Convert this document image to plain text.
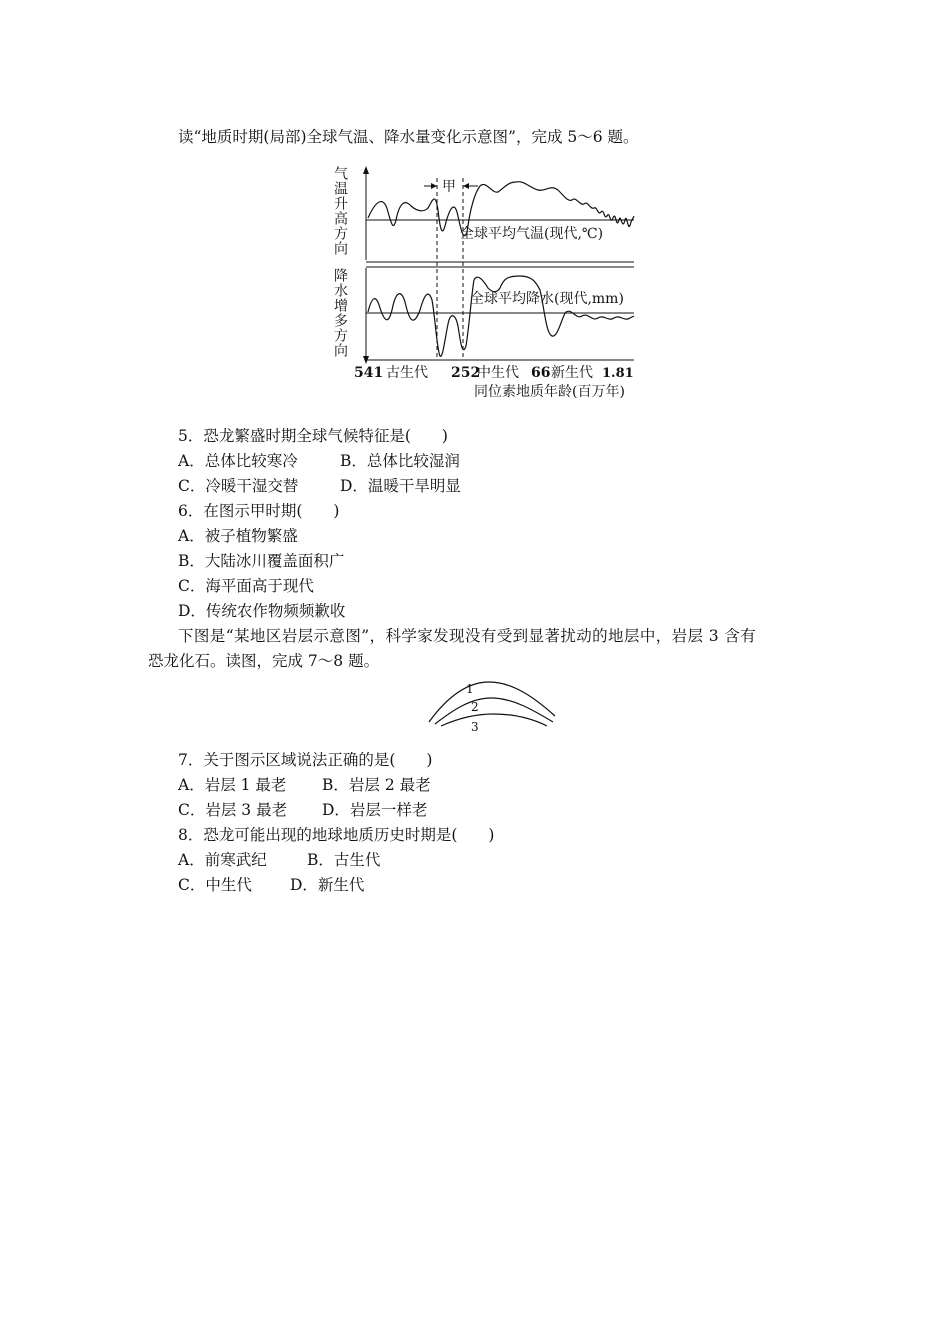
读“地质时期(局部)全球气温、降水量变化示意图”，完成 5～6 题。
气温升高方向
降水增多方向
甲
全球平均气温(现代,℃)
全球平均降水(现代,mm)
541 古生代 252
中生代 66 新生代 1.81
同位素地质年龄(百万年)
5．恐龙繁盛时期全球气候特征是(　　)
A．总体比较寒冷	B．总体比较湿润
C．冷暖干湿交替	D．温暖干旱明显
6．在图示甲时期(　　)
A．被子植物繁盛
B．大陆冰川覆盖面积广
C．海平面高于现代
D．传统农作物频频歉收
下图是“某地区岩层示意图”，科学家发现没有受到显著扰动的地层中，岩层 3 含有
恐龙化石。读图，完成 7～8 题。
1
2
3
7．关于图示区域说法正确的是(　　)
A．岩层 1 最老 B．岩层 2 最老
C．岩层 3 最老 D．岩层一样老
8．恐龙可能出现的地球地质历史时期是(　　)
A．前寒武纪	B．古生代
C．中生代 D．新生代
